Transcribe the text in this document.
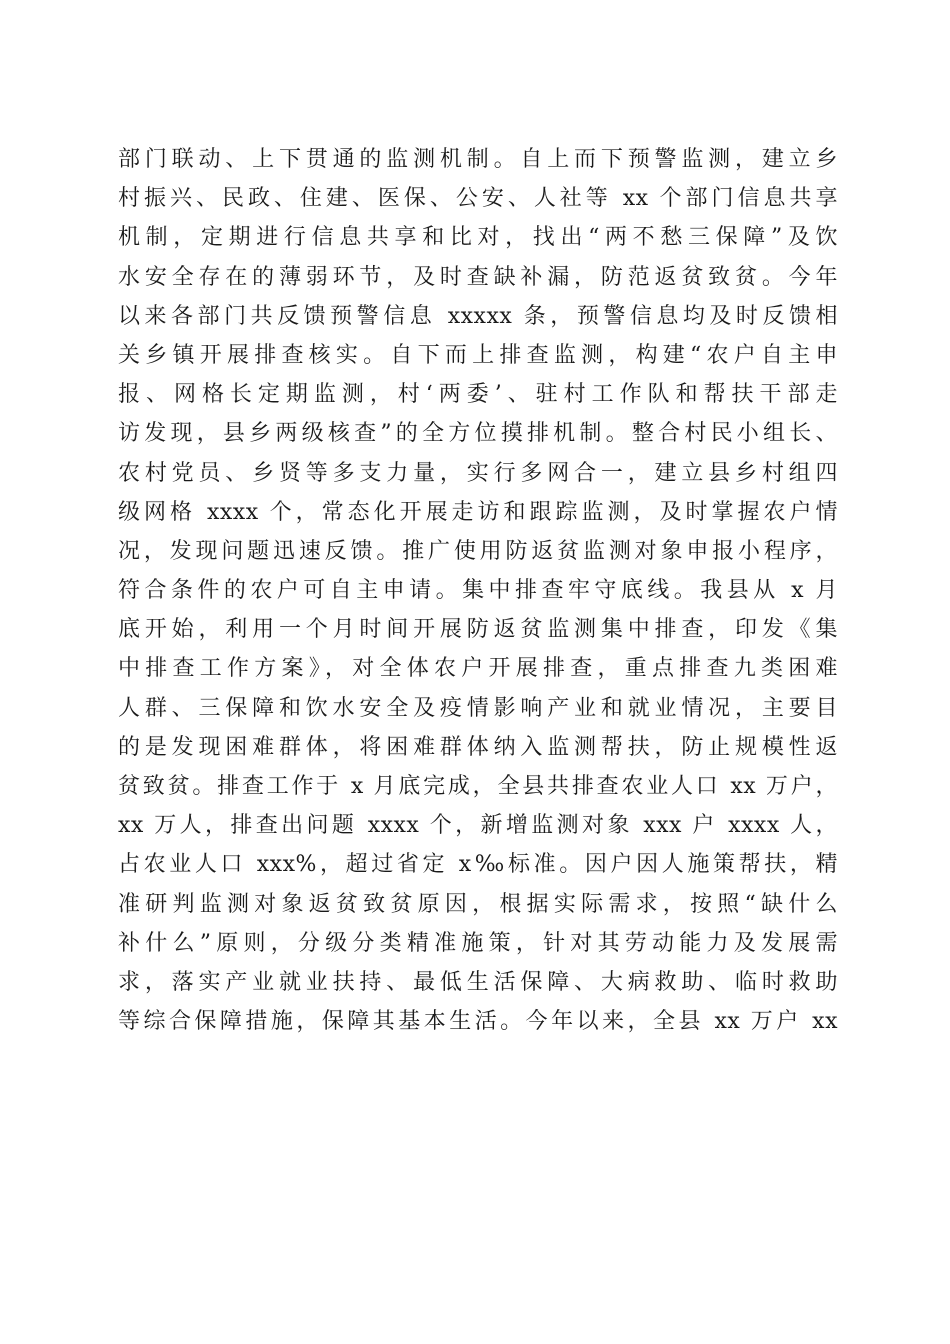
部门联动、上下贯通的监测机制。自上而下预警监测，建立乡
村振兴、民政、住建、医保、公安、人社等 xx 个部门信息共享
机制，定期进行信息共享和比对，找出“两不愁三保障”及饮
水安全存在的薄弱环节，及时查缺补漏，防范返贫致贫。今年
以来各部门共反馈预警信息 xxxxx 条，预警信息均及时反馈相
关乡镇开展排查核实。自下而上排查监测，构建“农户自主申
报、网格长定期监测，村‘两委’、驻村工作队和帮扶干部走
访发现，县乡两级核查”的全方位摸排机制。整合村民小组长、
农村党员、乡贤等多支力量，实行多网合一，建立县乡村组四
级网格 xxxx 个，常态化开展走访和跟踪监测，及时掌握农户情
况，发现问题迅速反馈。推广使用防返贫监测对象申报小程序，
符合条件的农户可自主申请。集中排查牢守底线。我县从 x 月
底开始，利用一个月时间开展防返贫监测集中排查，印发《集
中排查工作方案》，对全体农户开展排查，重点排查九类困难
人群、三保障和饮水安全及疫情影响产业和就业情况，主要目
的是发现困难群体，将困难群体纳入监测帮扶，防止规模性返
贫致贫。排查工作于 x 月底完成，全县共排查农业人口 xx 万户，
xx 万人，排查出问题 xxxx 个，新增监测对象 xxx 户 xxxx 人，
占农业人口 xxx%，超过省定 x‰标准。因户因人施策帮扶，精
准研判监测对象返贫致贫原因，根据实际需求，按照“缺什么
补什么”原则，分级分类精准施策，针对其劳动能力及发展需
求，落实产业就业扶持、最低生活保障、大病救助、临时救助
等综合保障措施，保障其基本生活。今年以来，全县 xx 万户 xx
